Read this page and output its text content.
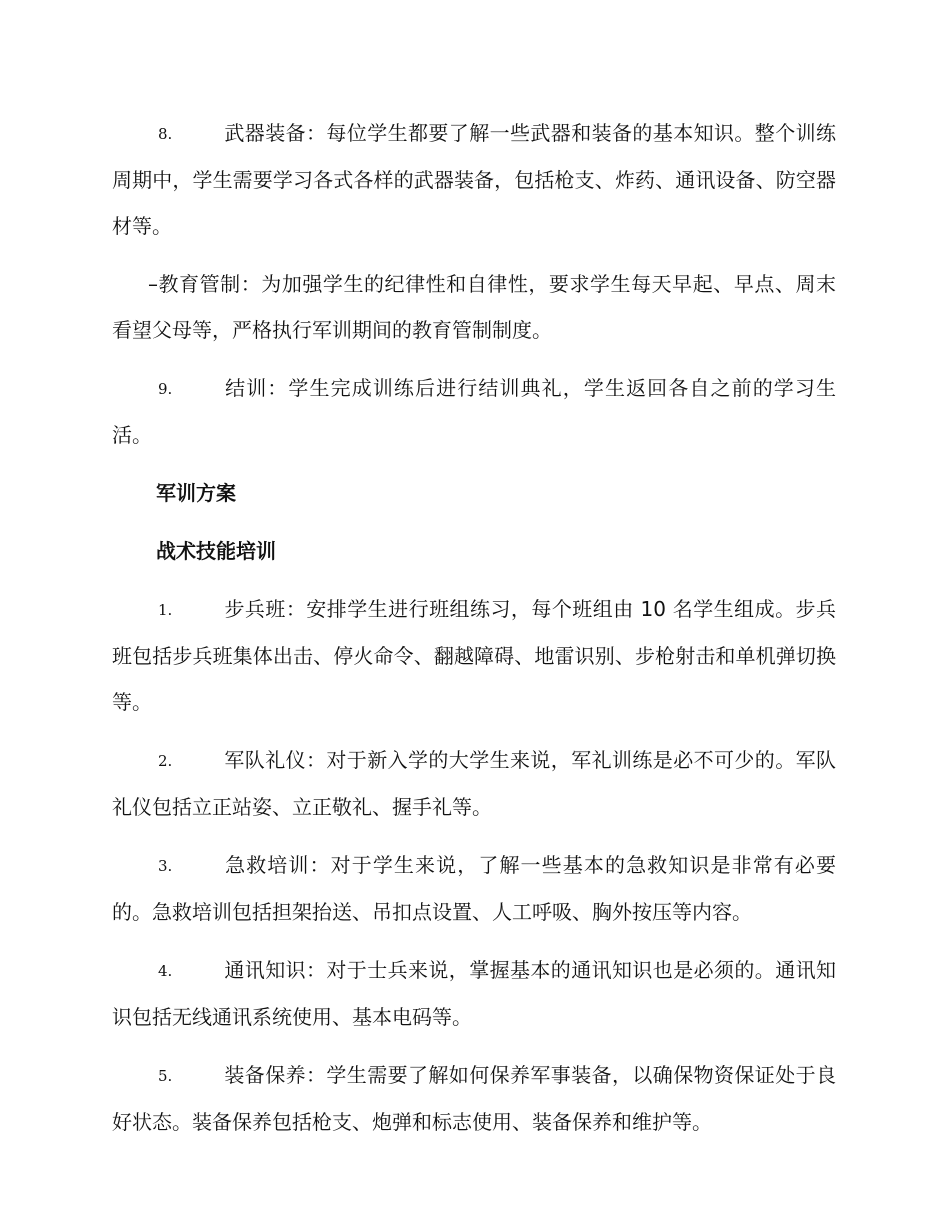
8.	武器装备：每位学生都要了解一些武器和装备的基本知识。整个训练周期中，学生需要学习各式各样的武器装备，包括枪支、炸药、通讯设备、防空器材等。

–教育管制：为加强学生的纪律性和自律性，要求学生每天早起、早点、周末看望父母等，严格执行军训期间的教育管制制度。

9.	结训：学生完成训练后进行结训典礼，学生返回各自之前的学习生活。

军训方案

战术技能培训

1.	步兵班：安排学生进行班组练习，每个班组由 10 名学生组成。步兵班包括步兵班集体出击、停火命令、翻越障碍、地雷识别、步枪射击和单机弹切换等。

2.	军队礼仪：对于新入学的大学生来说，军礼训练是必不可少的。军队礼仪包括立正站姿、立正敬礼、握手礼等。

3.	急救培训：对于学生来说，了解一些基本的急救知识是非常有必要的。急救培训包括担架抬送、吊扣点设置、人工呼吸、胸外按压等内容。

4.	通讯知识：对于士兵来说，掌握基本的通讯知识也是必须的。通讯知识包括无线通讯系统使用、基本电码等。

5.	装备保养：学生需要了解如何保养军事装备，以确保物资保证处于良好状态。装备保养包括枪支、炮弹和标志使用、装备保养和维护等。
